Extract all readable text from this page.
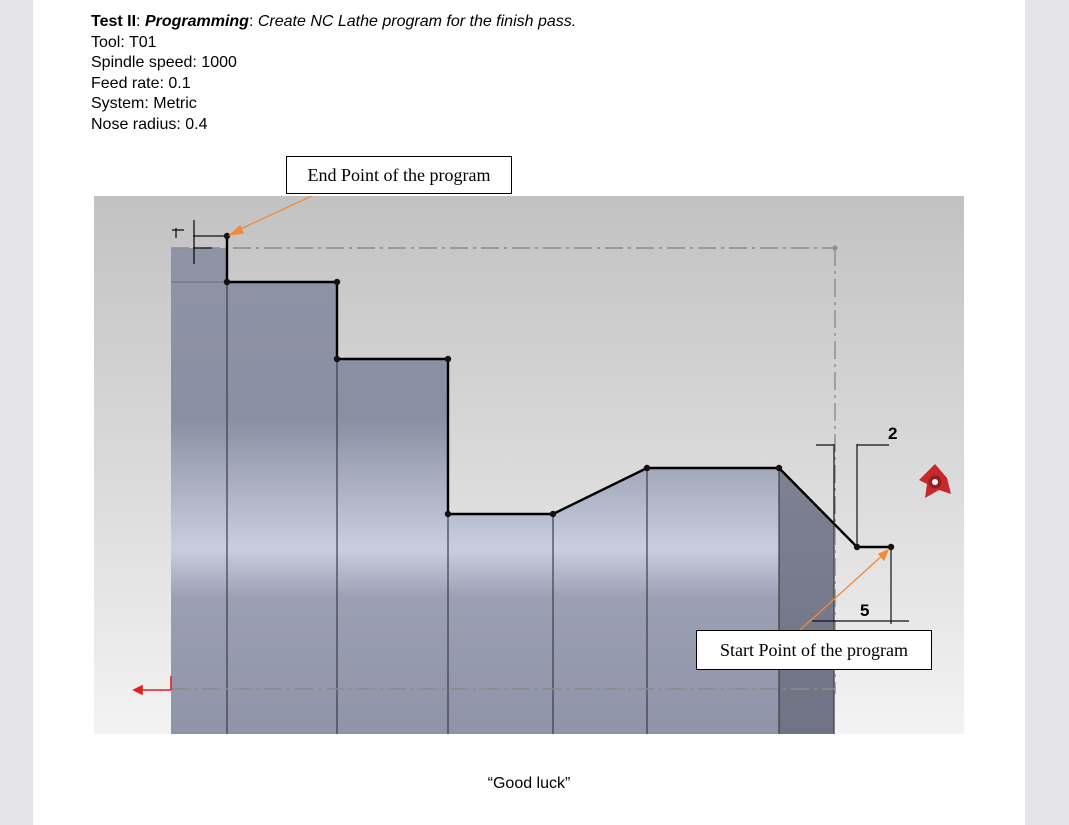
Test II: Programming: Create NC Lathe program for the finish pass.
Tool: T01
Spindle speed: 1000
Feed rate: 0.1
System: Metric
Nose radius: 0.4
2
5
End Point of the program
Start Point of the program
“Good luck”
